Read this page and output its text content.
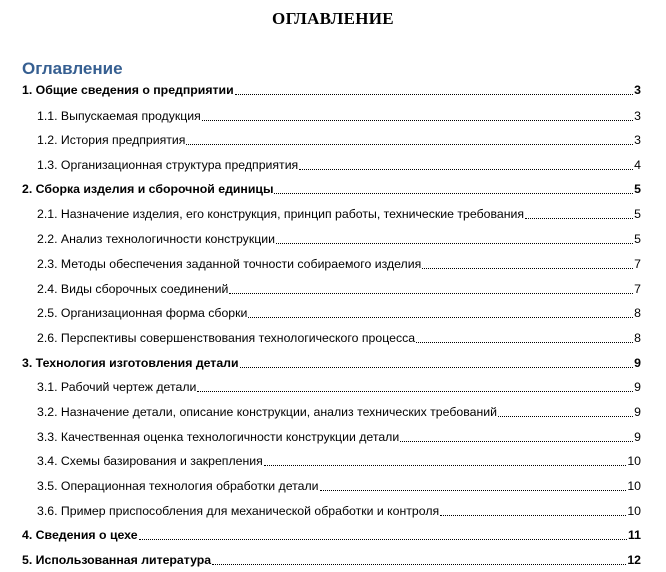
ОГЛАВЛЕНИЕ
Оглавление
1. Общие сведения о предприятии	3
1.1. Выпускаемая продукция	3
1.2. История предприятия	3
1.3. Организационная структура предприятия	4
2. Сборка изделия и сборочной единицы	5
2.1. Назначение изделия, его конструкция, принцип работы, технические требования	5
2.2. Анализ технологичности конструкции	5
2.3. Методы обеспечения заданной точности собираемого изделия	7
2.4. Виды сборочных соединений	7
2.5. Организационная форма сборки	8
2.6. Перспективы совершенствования технологического процесса	8
3. Технология изготовления детали	9
3.1. Рабочий чертеж детали	9
3.2. Назначение детали, описание конструкции, анализ технических требований	9
3.3. Качественная оценка технологичности конструкции детали	9
3.4. Схемы базирования и закрепления	10
3.5. Операционная технология обработки детали	10
3.6. Пример приспособления для механической обработки и контроля	10
4. Сведения о цехе	11
5. Использованная литература	12
